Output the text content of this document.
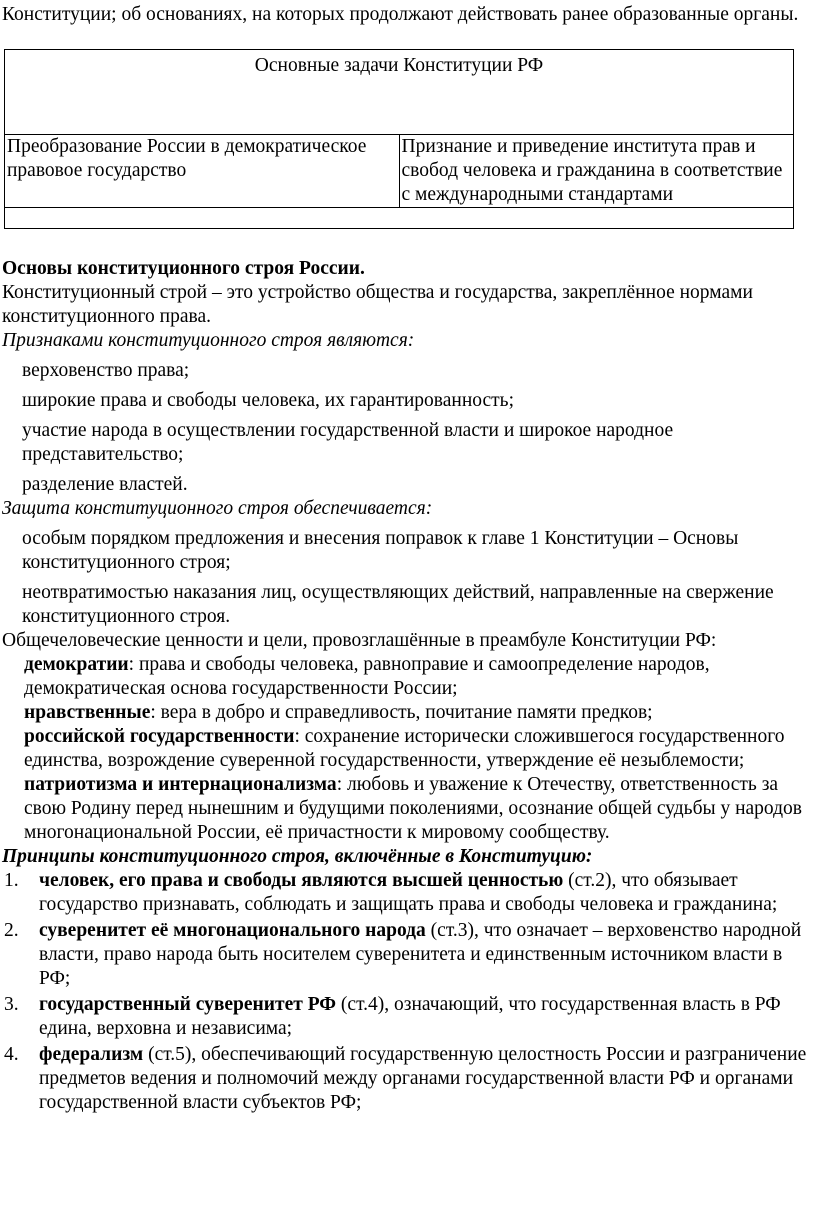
Конституции; об основаниях, на которых продолжают действовать ранее образованные органы.

Основные задачи Конституции РФ
Преобразование России в демократическое правовое государство	Признание и приведение института прав и свобод человека и гражданина в соответствие с международными стандартами

Основы конституционного строя России.

Конституционный строй – это устройство общества и государства, закреплённое нормами конституционного права.

Признаками конституционного строя являются:

верховенство права;

широкие права и свободы человека, их гарантированность;

участие народа в осуществлении государственной власти и широкое народное представительство;

разделение властей.

Защита конституционного строя обеспечивается:

особым порядком предложения и внесения поправок к главе 1 Конституции – Основы конституционного строя;

неотвратимостью наказания лиц, осуществляющих действий, направленные на свержение конституционного строя.

Общечеловеческие ценности и цели, провозглашённые в преамбуле Конституции РФ:

демократии: права и свободы человека, равноправие и самоопределение народов, демократическая основа государственности России;

нравственные: вера в добро и справедливость, почитание памяти предков;

российской государственности: сохранение исторически сложившегося государственного единства, возрождение суверенной государственности, утверждение её незыблемости;

патриотизма и интернационализма: любовь и уважение к Отечеству, ответственность за свою Родину перед нынешним и будущими поколениями, осознание общей судьбы у народов многонациональной России, её причастности к мировому сообществу.

Принципы конституционного строя, включённые в Конституцию:

1. человек, его права и свободы являются высшей ценностью (ст.2), что обязывает государство признавать, соблюдать и защищать права и свободы человека и гражданина;
2. суверенитет её многонационального народа (ст.3), что означает – верховенство народной власти, право народа быть носителем суверенитета и единственным источником власти в РФ;
3. государственный суверенитет РФ (ст.4), означающий, что государственная власть в РФ едина, верховна и независима;
4. федерализм (ст.5), обеспечивающий государственную целостность России и разграничение предметов ведения и полномочий между органами государственной власти РФ и органами государственной власти субъектов РФ;
